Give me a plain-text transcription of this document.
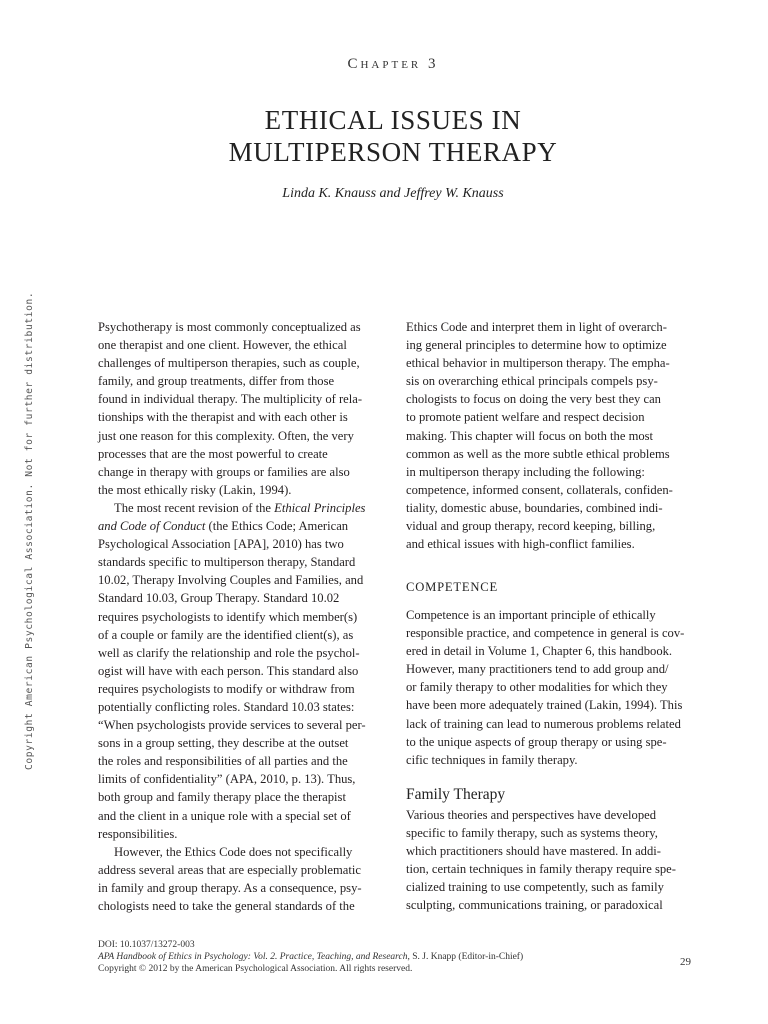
Copyright American Psychological Association. Not for further distribution.
Chapter 3
ETHICAL ISSUES IN
MULTIPERSON THERAPY
Linda K. Knauss and Jeffrey W. Knauss

Psychotherapy is most commonly conceptualized as
one therapist and one client. However, the ethical
challenges of multiperson therapies, such as couple,
family, and group treatments, differ from those
found in individual therapy. The multiplicity of rela-
tionships with the therapist and with each other is
just one reason for this complexity. Often, the very
processes that are the most powerful to create
change in therapy with groups or families are also
the most ethically risky (Lakin, 1994).

The most recent revision of the Ethical Principles
and Code of Conduct (the Ethics Code; American
Psychological Association [APA], 2010) has two
standards specific to multiperson therapy, Standard
10.02, Therapy Involving Couples and Families, and
Standard 10.03, Group Therapy. Standard 10.02
requires psychologists to identify which member(s)
of a couple or family are the identified client(s), as
well as clarify the relationship and role the psychol-
ogist will have with each person. This standard also
requires psychologists to modify or withdraw from
potentially conflicting roles. Standard 10.03 states:
“When psychologists provide services to several per-
sons in a group setting, they describe at the outset
the roles and responsibilities of all parties and the
limits of confidentiality” (APA, 2010, p. 13). Thus,
both group and family therapy place the therapist
and the client in a unique role with a special set of
responsibilities.

However, the Ethics Code does not specifically
address several areas that are especially problematic
in family and group therapy. As a consequence, psy-
chologists need to take the general standards of the

Ethics Code and interpret them in light of overarch-
ing general principles to determine how to optimize
ethical behavior in multiperson therapy. The empha-
sis on overarching ethical principals compels psy-
chologists to focus on doing the very best they can
to promote patient welfare and respect decision
making. This chapter will focus on both the most
common as well as the more subtle ethical problems
in multiperson therapy including the following:
competence, informed consent, collaterals, confiden-
tiality, domestic abuse, boundaries, combined indi-
vidual and group therapy, record keeping, billing,
and ethical issues with high-conflict families.

COMPETENCE

Competence is an important principle of ethically
responsible practice, and competence in general is cov-
ered in detail in Volume 1, Chapter 6, this handbook.
However, many practitioners tend to add group and/
or family therapy to other modalities for which they
have been more adequately trained (Lakin, 1994). This
lack of training can lead to numerous problems related
to the unique aspects of group therapy or using spe-
cific techniques in family therapy.

Family Therapy

Various theories and perspectives have developed
specific to family therapy, such as systems theory,
which practitioners should have mastered. In addi-
tion, certain techniques in family therapy require spe-
cialized training to use competently, such as family
sculpting, communications training, or paradoxical

DOI: 10.1037/13272-003
APA Handbook of Ethics in Psychology: Vol. 2. Practice, Teaching, and Research, S. J. Knapp (Editor-in-Chief)
Copyright © 2012 by the American Psychological Association. All rights reserved.
29
